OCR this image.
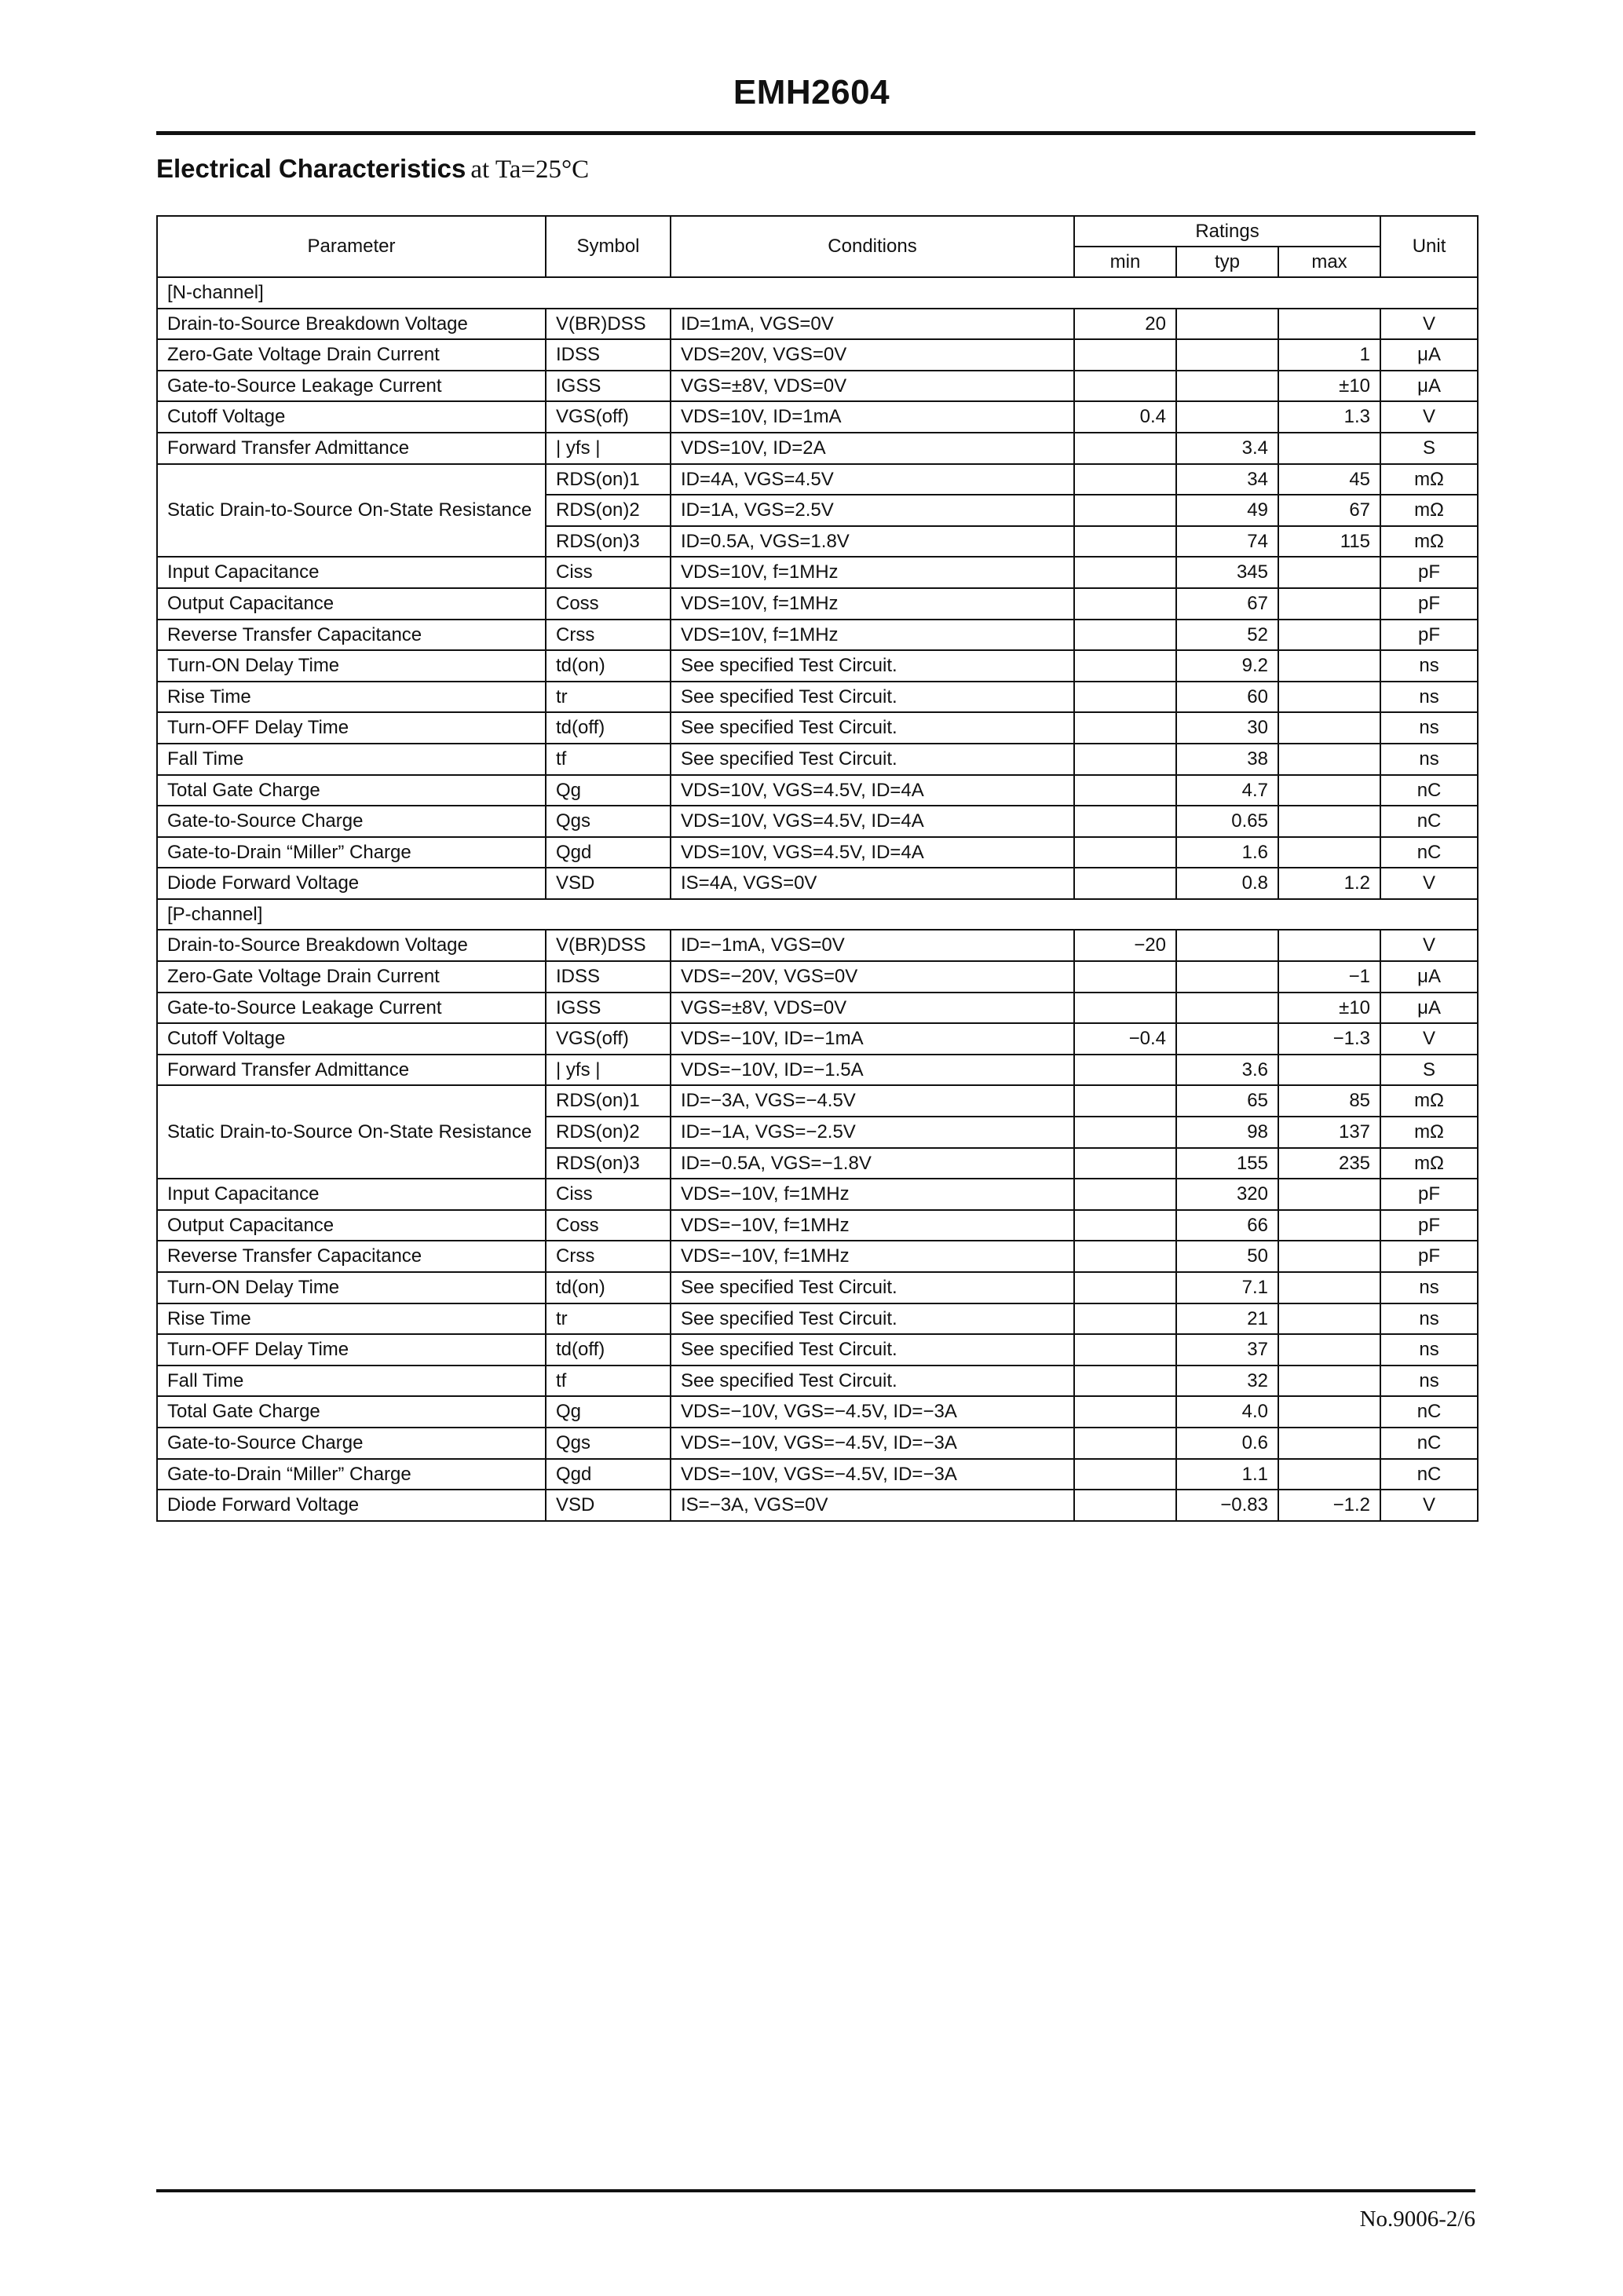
EMH2604
Electrical Characteristics at Ta=25°C
Parameter	Symbol	Conditions	Ratings			Unit
			min	typ	max	
[N-channel]						
Drain-to-Source Breakdown Voltage	V(BR)DSS	ID=1mA, VGS=0V	20			V
Zero-Gate Voltage Drain Current	IDSS	VDS=20V, VGS=0V			1	μA
Gate-to-Source Leakage Current	IGSS	VGS=±8V, VDS=0V			±10	μA
Cutoff Voltage	VGS(off)	VDS=10V, ID=1mA	0.4		1.3	V
Forward Transfer Admittance	| yfs |	VDS=10V, ID=2A		3.4		S
Static Drain-to-Source On-State Resistance	RDS(on)1	ID=4A, VGS=4.5V		34	45	mΩ
	RDS(on)2	ID=1A, VGS=2.5V		49	67	mΩ
	RDS(on)3	ID=0.5A, VGS=1.8V		74	115	mΩ
Input Capacitance	Ciss	VDS=10V, f=1MHz		345		pF
Output Capacitance	Coss	VDS=10V, f=1MHz		67		pF
Reverse Transfer Capacitance	Crss	VDS=10V, f=1MHz		52		pF
Turn-ON Delay Time	td(on)	See specified Test Circuit.		9.2		ns
Rise Time	tr	See specified Test Circuit.		60		ns
Turn-OFF Delay Time	td(off)	See specified Test Circuit.		30		ns
Fall Time	tf	See specified Test Circuit.		38		ns
Total Gate Charge	Qg	VDS=10V, VGS=4.5V, ID=4A		4.7		nC
Gate-to-Source Charge	Qgs	VDS=10V, VGS=4.5V, ID=4A		0.65		nC
Gate-to-Drain “Miller” Charge	Qgd	VDS=10V, VGS=4.5V, ID=4A		1.6		nC
Diode Forward Voltage	VSD	IS=4A, VGS=0V		0.8	1.2	V
[P-channel]						
Drain-to-Source Breakdown Voltage	V(BR)DSS	ID=−1mA, VGS=0V	−20			V
Zero-Gate Voltage Drain Current	IDSS	VDS=−20V, VGS=0V			−1	μA
Gate-to-Source Leakage Current	IGSS	VGS=±8V, VDS=0V			±10	μA
Cutoff Voltage	VGS(off)	VDS=−10V, ID=−1mA	−0.4		−1.3	V
Forward Transfer Admittance	| yfs |	VDS=−10V, ID=−1.5A		3.6		S
Static Drain-to-Source On-State Resistance	RDS(on)1	ID=−3A, VGS=−4.5V		65	85	mΩ
	RDS(on)2	ID=−1A, VGS=−2.5V		98	137	mΩ
	RDS(on)3	ID=−0.5A, VGS=−1.8V		155	235	mΩ
Input Capacitance	Ciss	VDS=−10V, f=1MHz		320		pF
Output Capacitance	Coss	VDS=−10V, f=1MHz		66		pF
Reverse Transfer Capacitance	Crss	VDS=−10V, f=1MHz		50		pF
Turn-ON Delay Time	td(on)	See specified Test Circuit.		7.1		ns
Rise Time	tr	See specified Test Circuit.		21		ns
Turn-OFF Delay Time	td(off)	See specified Test Circuit.		37		ns
Fall Time	tf	See specified Test Circuit.		32		ns
Total Gate Charge	Qg	VDS=−10V, VGS=−4.5V, ID=−3A		4.0		nC
Gate-to-Source Charge	Qgs	VDS=−10V, VGS=−4.5V, ID=−3A		0.6		nC
Gate-to-Drain “Miller” Charge	Qgd	VDS=−10V, VGS=−4.5V, ID=−3A		1.1		nC
Diode Forward Voltage	VSD	IS=−3A, VGS=0V		−0.83	−1.2	V
No.9006-2/6
